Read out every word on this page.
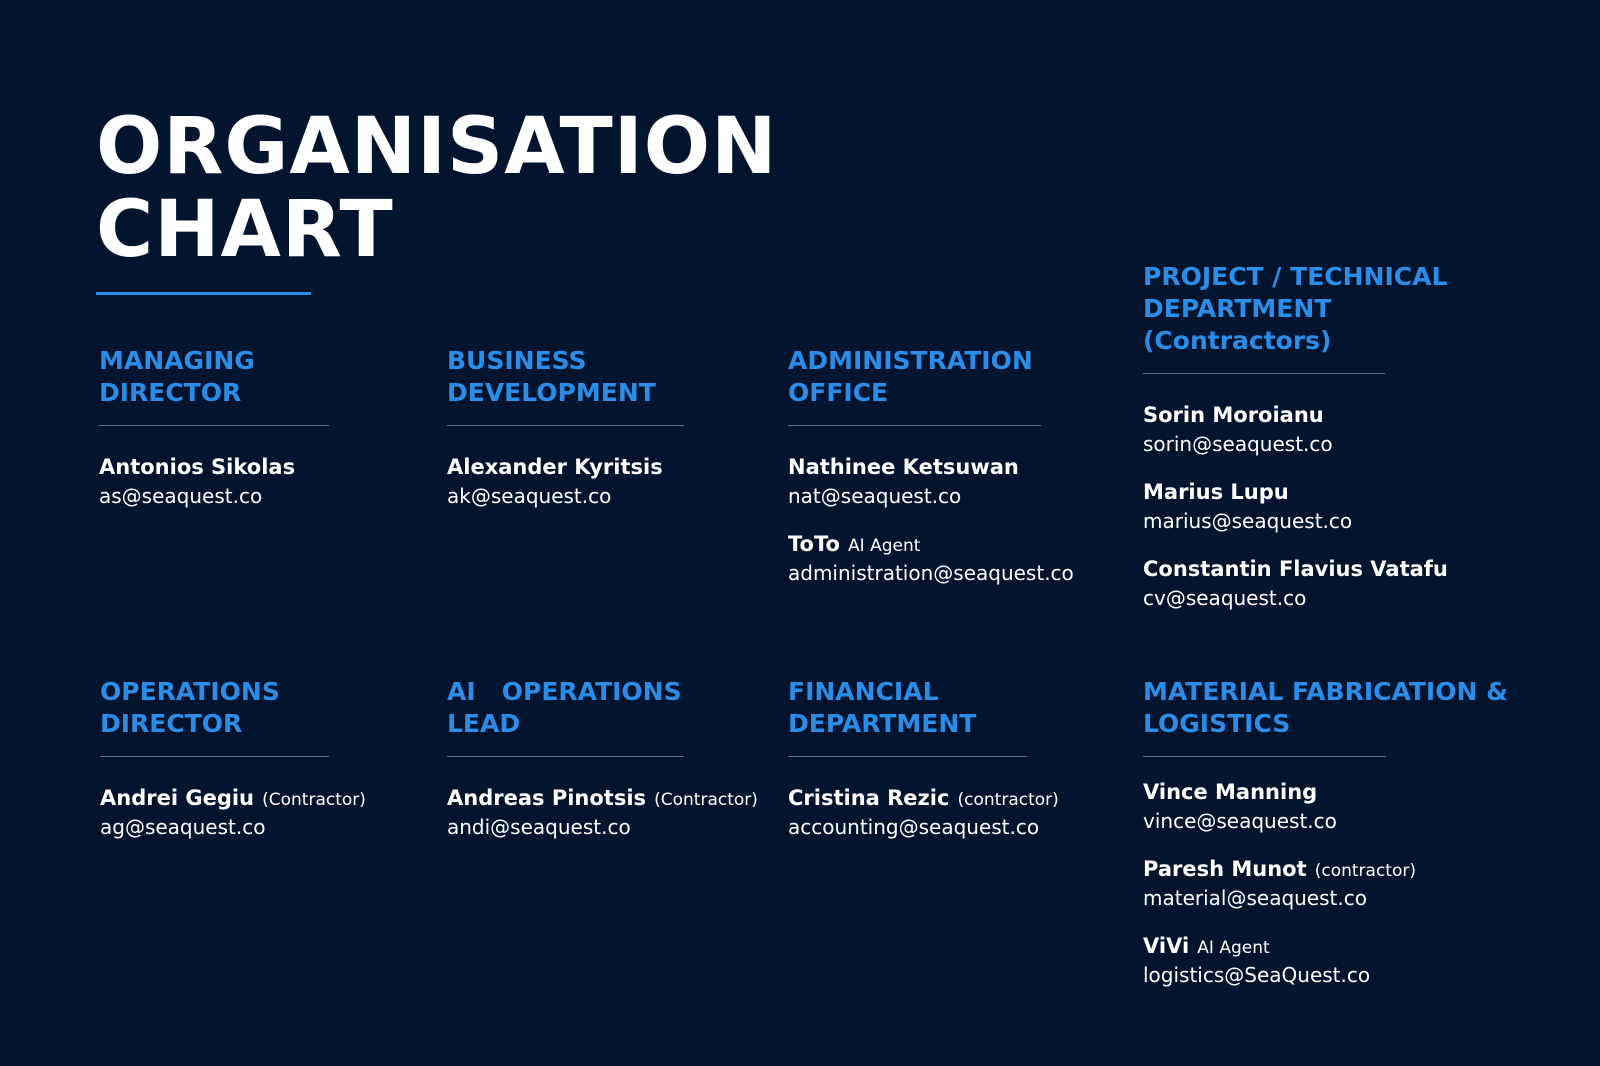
ORGANISATION
CHART
MANAGING
DIRECTOR
Antonios Sikolas
as@seaquest.co
BUSINESS
DEVELOPMENT
Alexander Kyritsis
ak@seaquest.co
ADMINISTRATION
OFFICE
Nathinee Ketsuwan
nat@seaquest.co
ToTo AI Agent
administration@seaquest.co
PROJECT / TECHNICAL
DEPARTMENT
(Contractors)
Sorin Moroianu
sorin@seaquest.co
Marius Lupu
marius@seaquest.co
Constantin Flavius Vatafu
cv@seaquest.co
OPERATIONS
DIRECTOR
Andrei Gegiu (Contractor)
ag@seaquest.co
AI   OPERATIONS
LEAD
Andreas Pinotsis (Contractor)
andi@seaquest.co
FINANCIAL
DEPARTMENT
Cristina Rezic (contractor)
accounting@seaquest.co
MATERIAL FABRICATION &
LOGISTICS
Vince Manning
vince@seaquest.co
Paresh Munot (contractor)
material@seaquest.co
ViVi AI Agent
logistics@SeaQuest.co
